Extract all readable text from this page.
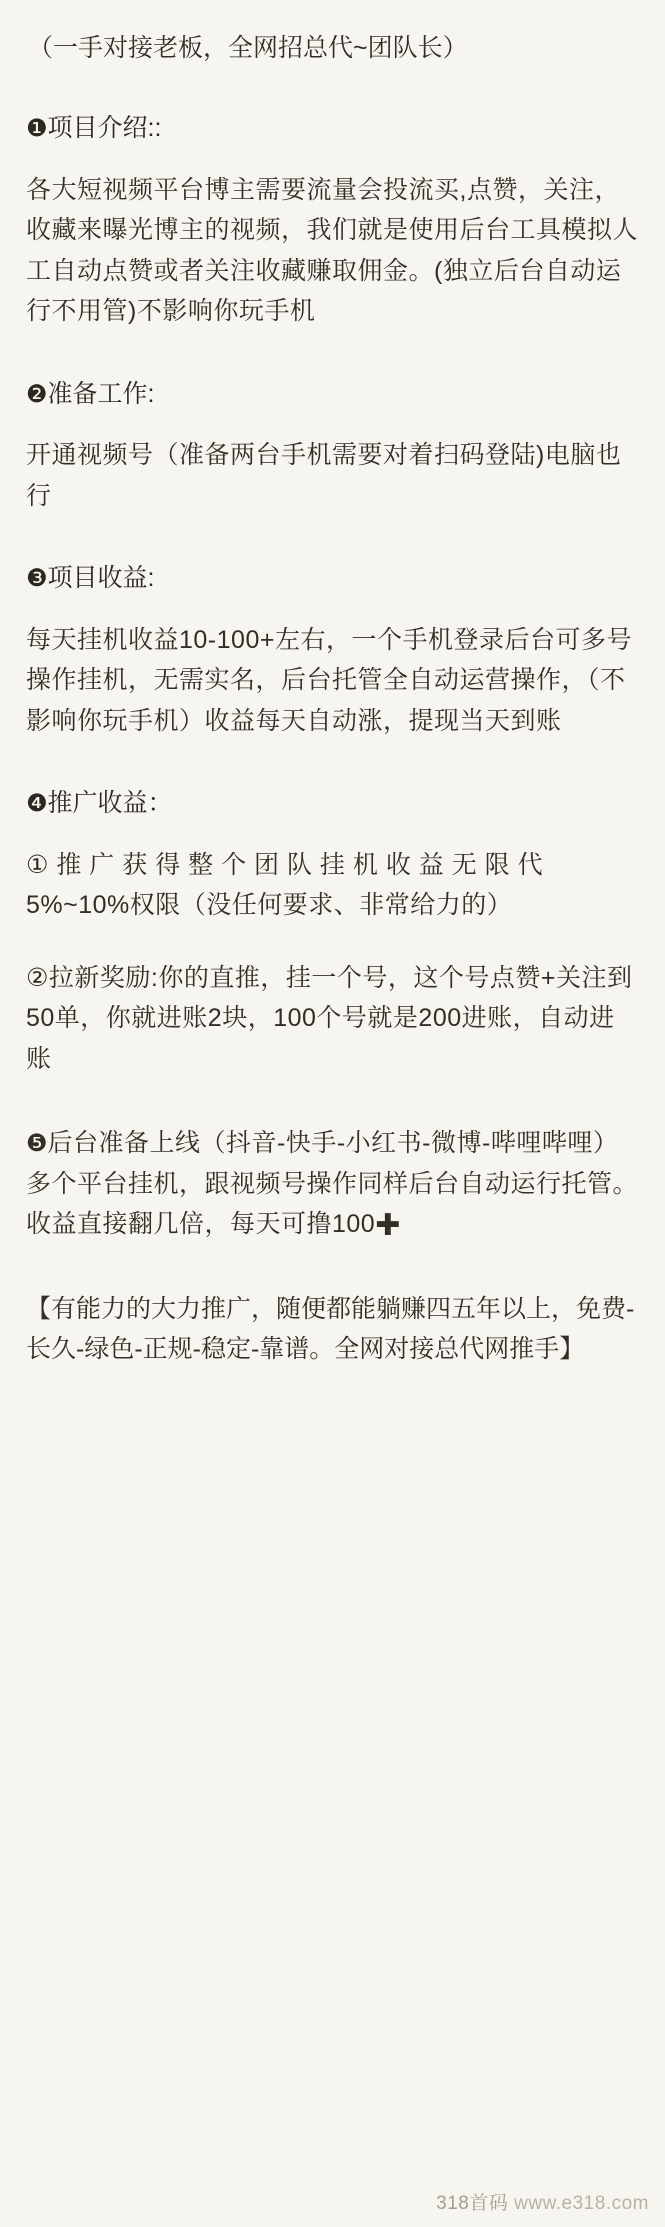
（一手对接老板，全网招总代~团队长）

❶项目介绍::

各大短视频平台博主需要流量会投流买,点赞，关注，收藏来曝光博主的视频，我们就是使用后台工具模拟人工自动点赞或者关注收藏赚取佣金。(独立后台自动运行不用管)不影响你玩手机

❷准备工作:

开通视频号（准备两台手机需要对着扫码登陆)电脑也行

❸项目收益:

每天挂机收益10-100+左右，一个手机登录后台可多号操作挂机，无需实名，后台托管全自动运营操作，（不影响你玩手机）收益每天自动涨，提现当天到账

❹推广收益：

① 推 广 获 得 整 个 团 队 挂 机 收 益 无 限 代 5%~10%权限（没任何要求、非常给力的）

②拉新奖励:你的直推，挂一个号，这个号点赞+关注到50单，你就进账2块，100个号就是200进账，自动进账

❺后台准备上线（抖音-快手-小红书-微博-哔哩哔哩）多个平台挂机，跟视频号操作同样后台自动运行托管。收益直接翻几倍，每天可撸100✚

【有能力的大力推广，随便都能躺赚四五年以上，免费-长久-绿色-正规-稳定-靠谱。全网对接总代网推手】

318首码 www.e318.com
